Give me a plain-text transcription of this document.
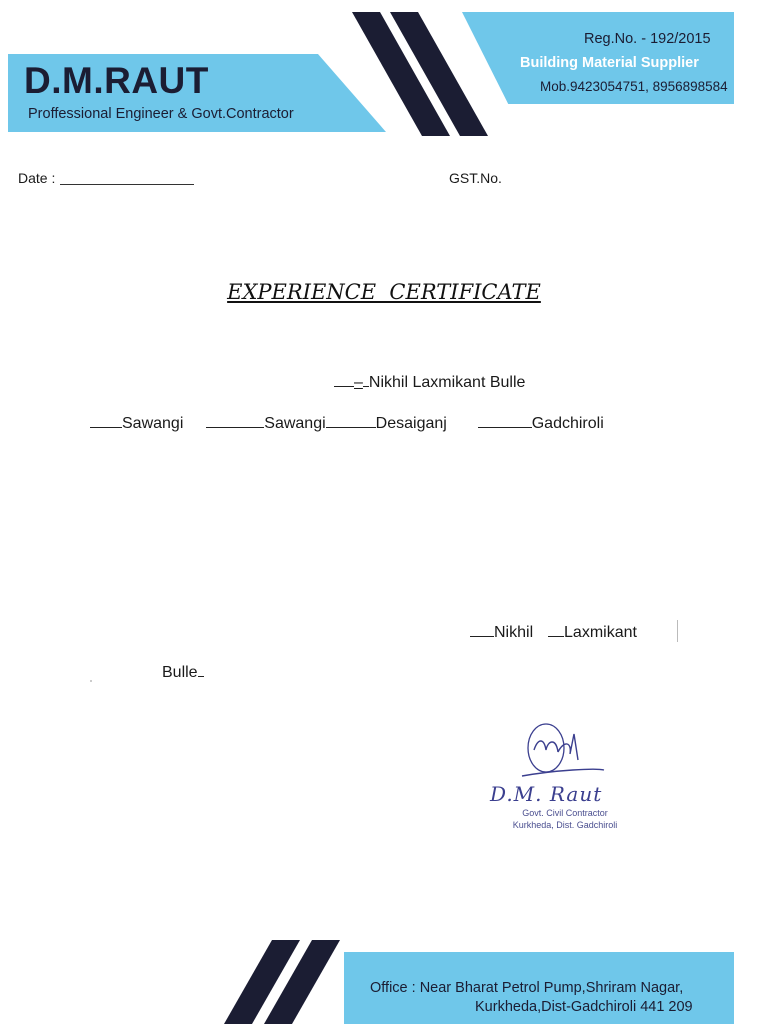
D.M.RAUT
Proffessional Engineer & Govt.Contractor
Reg.No. - 192/2015
Building Material Supplier
Mob.9423054751, 8956898584
Date :	GST.No.
EXPERIENCE  CERTIFICATE
– Nikhil Laxmikant Bulle
Sawangi	Sawangi	Desaiganj	Gadchiroli
Nikhil Laxmikant
Bulle
D.M. Raut
Govt. Civil Contractor
Kurkheda, Dist. Gadchiroli
Office : Near Bharat Petrol Pump,Shriram Nagar,
Kurkheda,Dist-Gadchiroli 441 209
